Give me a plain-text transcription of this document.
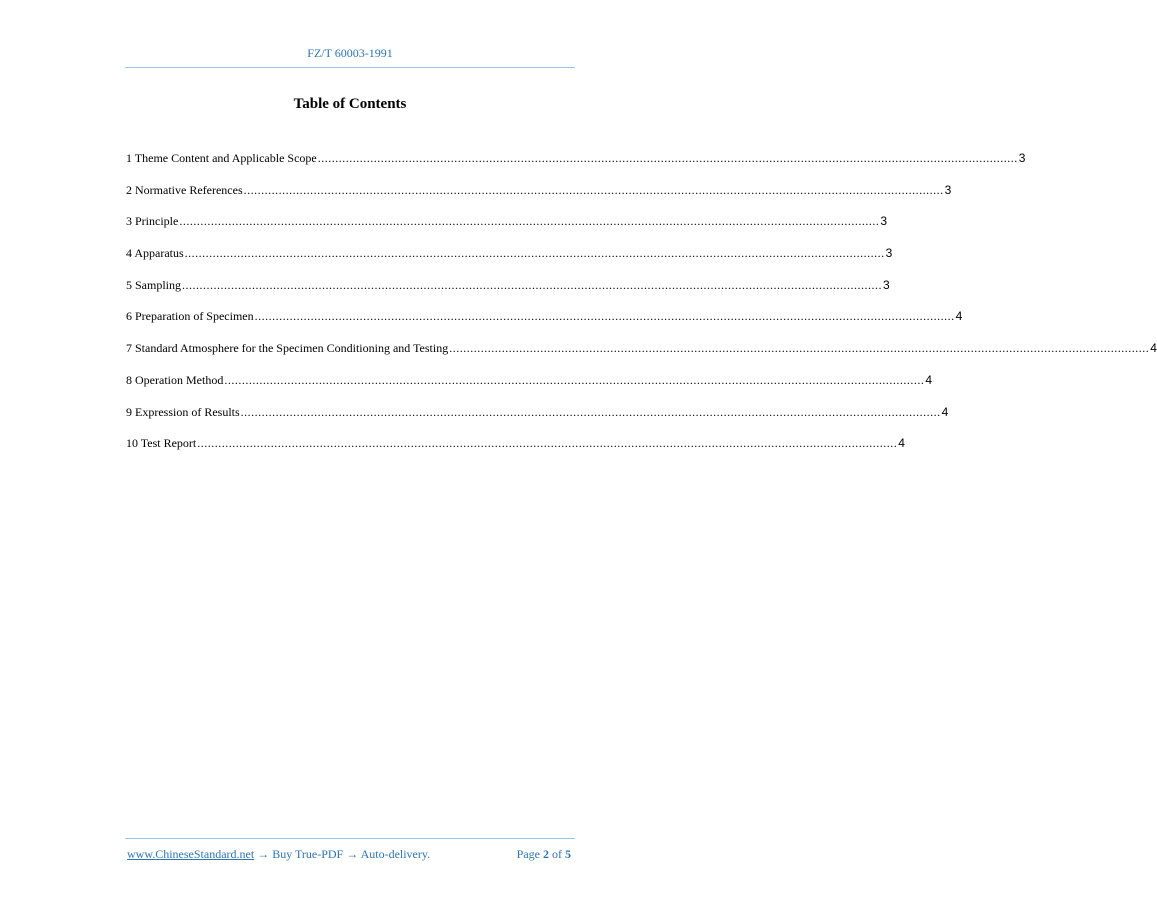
FZ/T 60003-1991
Table of Contents
1 Theme Content and Applicable Scope ........................................................................................................................................................................................................ 3
2 Normative References ........................................................................................................................................................................................................ 3
3 Principle ........................................................................................................................................................................................................ 3
4 Apparatus ........................................................................................................................................................................................................ 3
5 Sampling ........................................................................................................................................................................................................ 3
6 Preparation of Specimen ........................................................................................................................................................................................................ 4
7 Standard Atmosphere for the Specimen Conditioning and Testing ........................................................................................................................................................................................................ 4
8 Operation Method ........................................................................................................................................................................................................ 4
9 Expression of Results ........................................................................................................................................................................................................ 4
10 Test Report ........................................................................................................................................................................................................ 4
www.ChineseStandard.net → Buy True-PDF → Auto-delivery.	Page 2 of 5
